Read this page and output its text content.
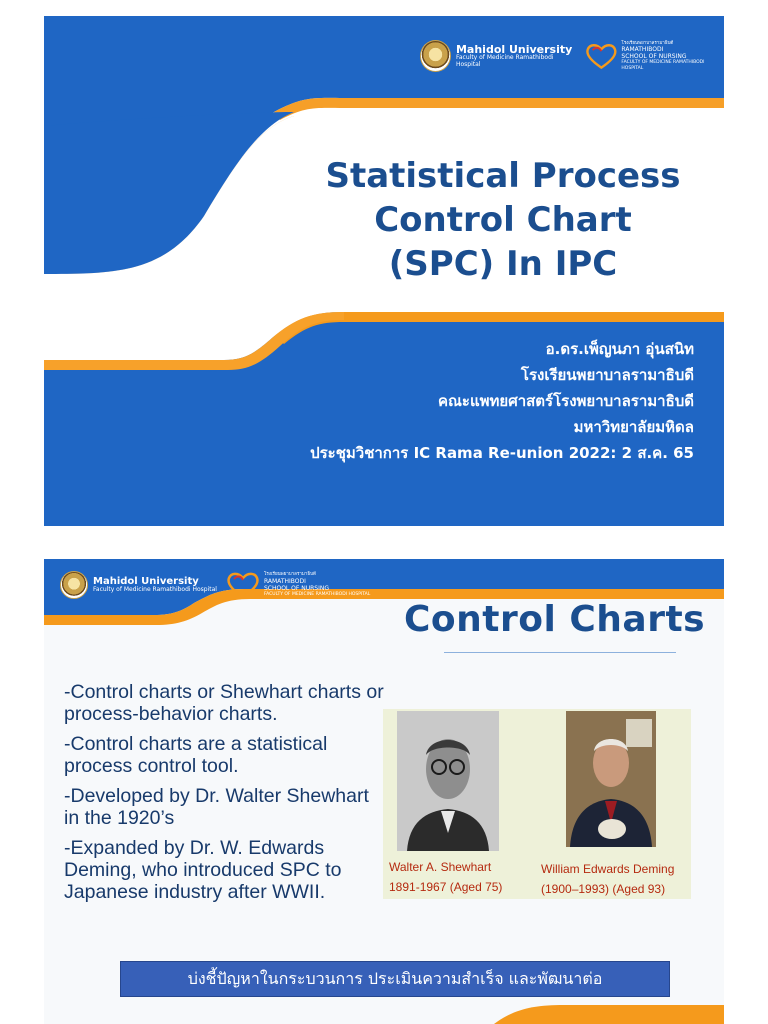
Mahidol University
Faculty of Medicine Ramathibodi Hospital
โรงเรียนพยาบาลรามาธิบดี
RAMATHIBODI
SCHOOL OF NURSING
FACULTY OF MEDICINE RAMATHIBODI HOSPITAL
Statistical Process
Control Chart
(SPC) In IPC
อ.ดร.เพ็ญนภา อุ่นสนิท
โรงเรียนพยาบาลรามาธิบดี
คณะแพทยศาสตร์โรงพยาบาลรามาธิบดี
มหาวิทยาลัยมหิดล
ประชุมวิชาการ IC Rama Re-union 2022: 2 ส.ค. 65
Mahidol University
Faculty of Medicine Ramathibodi Hospital
โรงเรียนพยาบาลรามาธิบดี
RAMATHIBODI
SCHOOL OF NURSING
FACULTY OF MEDICINE RAMATHIBODI HOSPITAL
Control Charts

-Control charts or Shewhart charts or process-behavior charts.

-Control charts are a statistical process control tool.

-Developed by Dr. Walter Shewhart in the 1920’s

-Expanded by Dr. W. Edwards Deming, who introduced SPC to Japanese industry after WWII.

Walter A. Shewhart
1891-1967 (Aged 75)
William Edwards Deming
(1900–1993) (Aged 93)
บ่งชี้ปัญหาในกระบวนการ ประเมินความสำเร็จ และพัฒนาต่อ
